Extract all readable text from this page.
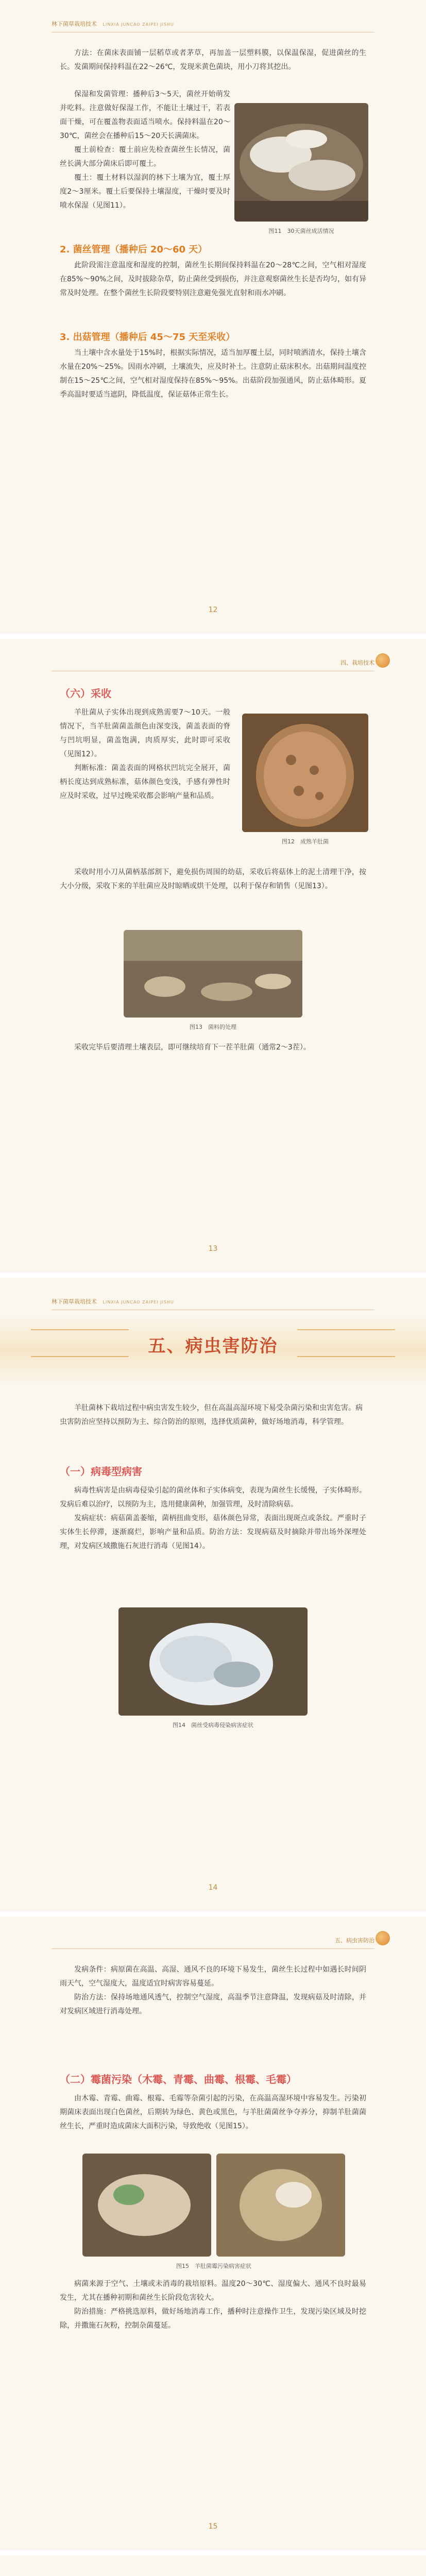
林下菌草栽培技术 LINXIA JUNCAO ZAIPEI JISHU

方法：在菌床表面铺一层稻草或者茅草，再加盖一层塑料膜，以保温保湿，促进菌丝的生长。发菌期间保持料温在22～26℃，发现米黄色菌块，用小刀将其挖出。

保湿和发菌管理：播种后3～5天，菌丝开始萌发并吃料。注意做好保湿工作，不能让土壤过干，若表面干燥，可在覆盖物表面适当喷水。保持料温在20～30℃，菌丝会在播种后15～20天长满菌床。

覆土前检查：覆土前应先检查菌丝生长情况，菌丝长满大部分菌床后即可覆土。

覆土：覆土材料以湿润的林下土壤为宜，覆土厚度2～3厘米。覆土后要保持土壤湿度，干燥时要及时喷水保湿（见图11）。

图11　30天菌丝成活情况
2. 菌丝管理（播种后 20～60 天）

此阶段需注意温度和湿度的控制，菌丝生长期间保持料温在20～28℃之间，空气相对湿度在85%～90%之间，及时拔除杂草，防止菌丝受到损伤，并注意观察菌丝生长是否均匀，如有异常及时处理。在整个菌丝生长阶段要特别注意避免强光直射和雨水冲刷。

3. 出菇管理（播种后 45～75 天至采收）

当土壤中含水量处于15%时，根据实际情况，适当加厚覆土层，同时喷洒清水，保持土壤含水量在20%～25%。因雨水冲刷，土壤流失，应及时补土。注意防止菇床积水。出菇期间温度控制在15～25℃之间，空气相对湿度保持在85%～95%。出菇阶段加强通风，防止菇体畸形。夏季高温时要适当遮阴，降低温度，保证菇体正常生长。

12
四、栽培技术
（六）采收

羊肚菌从子实体出现到成熟需要7～10天。一般情况下，当羊肚菌菌盖颜色由深变浅，菌盖表面的脊与凹坑明显，菌盖饱满，肉质厚实，此时即可采收（见图12）。

判断标准：菌盖表面的网格状凹坑完全展开，菌柄长度达到成熟标准，菇体颜色变浅，手感有弹性时应及时采收，过早过晚采收都会影响产量和品质。

图12　成熟羊肚菌

采收时用小刀从菌柄基部割下，避免损伤周围的幼菇，采收后将菇体上的泥土清理干净，按大小分级，采收下来的羊肚菌应及时晾晒或烘干处理，以利于保存和销售（见图13）。

图13　菌料的处理

采收完毕后要清理土壤表层，即可继续培育下一茬羊肚菌（通常2～3茬）。

13
林下菌草栽培技术 LINXIA JUNCAO ZAIPEI JISHU
五、病虫害防治
羊肚菌林下栽培过程中病虫害发生较少，但在高温高湿环境下易受杂菌污染和虫害危害。病虫害防治应坚持以预防为主、综合防治的原则，选择优质菌种，做好场地消毒，科学管理。
（一）病毒型病害

病毒性病害是由病毒侵染引起的菌丝体和子实体病变，表现为菌丝生长缓慢，子实体畸形。发病后难以治疗，以预防为主，选用健康菌种，加强管理，及时清除病菇。

发病症状：病菇菌盖萎缩，菌柄扭曲变形，菇体颜色异常，表面出现斑点或条纹。严重时子实体生长停滞，逐渐腐烂，影响产量和品质。防治方法：发现病菇及时摘除并带出场外深埋处理，对发病区域撒施石灰进行消毒（见图14）。

图14　菌丝受病毒侵染病害症状
14
五、病虫害防治

发病条件：病原菌在高温、高湿、通风不良的环境下易发生，菌丝生长过程中如遇长时间阴雨天气，空气湿度大，温度适宜时病害容易蔓延。

防治方法：保持场地通风透气，控制空气湿度，高温季节注意降温，发现病菇及时清除，并对发病区域进行消毒处理。

（二）霉菌污染（木霉、青霉、曲霉、根霉、毛霉）

由木霉、青霉、曲霉、根霉、毛霉等杂菌引起的污染，在高温高湿环境中容易发生。污染初期菌床表面出现白色菌丝，后期转为绿色、黄色或黑色，与羊肚菌菌丝争夺养分，抑制羊肚菌菌丝生长，严重时造成菌床大面积污染，导致绝收（见图15）。

图15　羊肚菌霉污染病害症状

病菌来源于空气、土壤或未消毒的栽培原料。温度20～30℃、湿度偏大、通风不良时最易发生，尤其在播种初期和菌丝生长阶段危害较大。

防治措施：严格挑选原料，做好场地消毒工作，播种时注意操作卫生，发现污染区域及时挖除，并撒施石灰粉，控制杂菌蔓延。

15
